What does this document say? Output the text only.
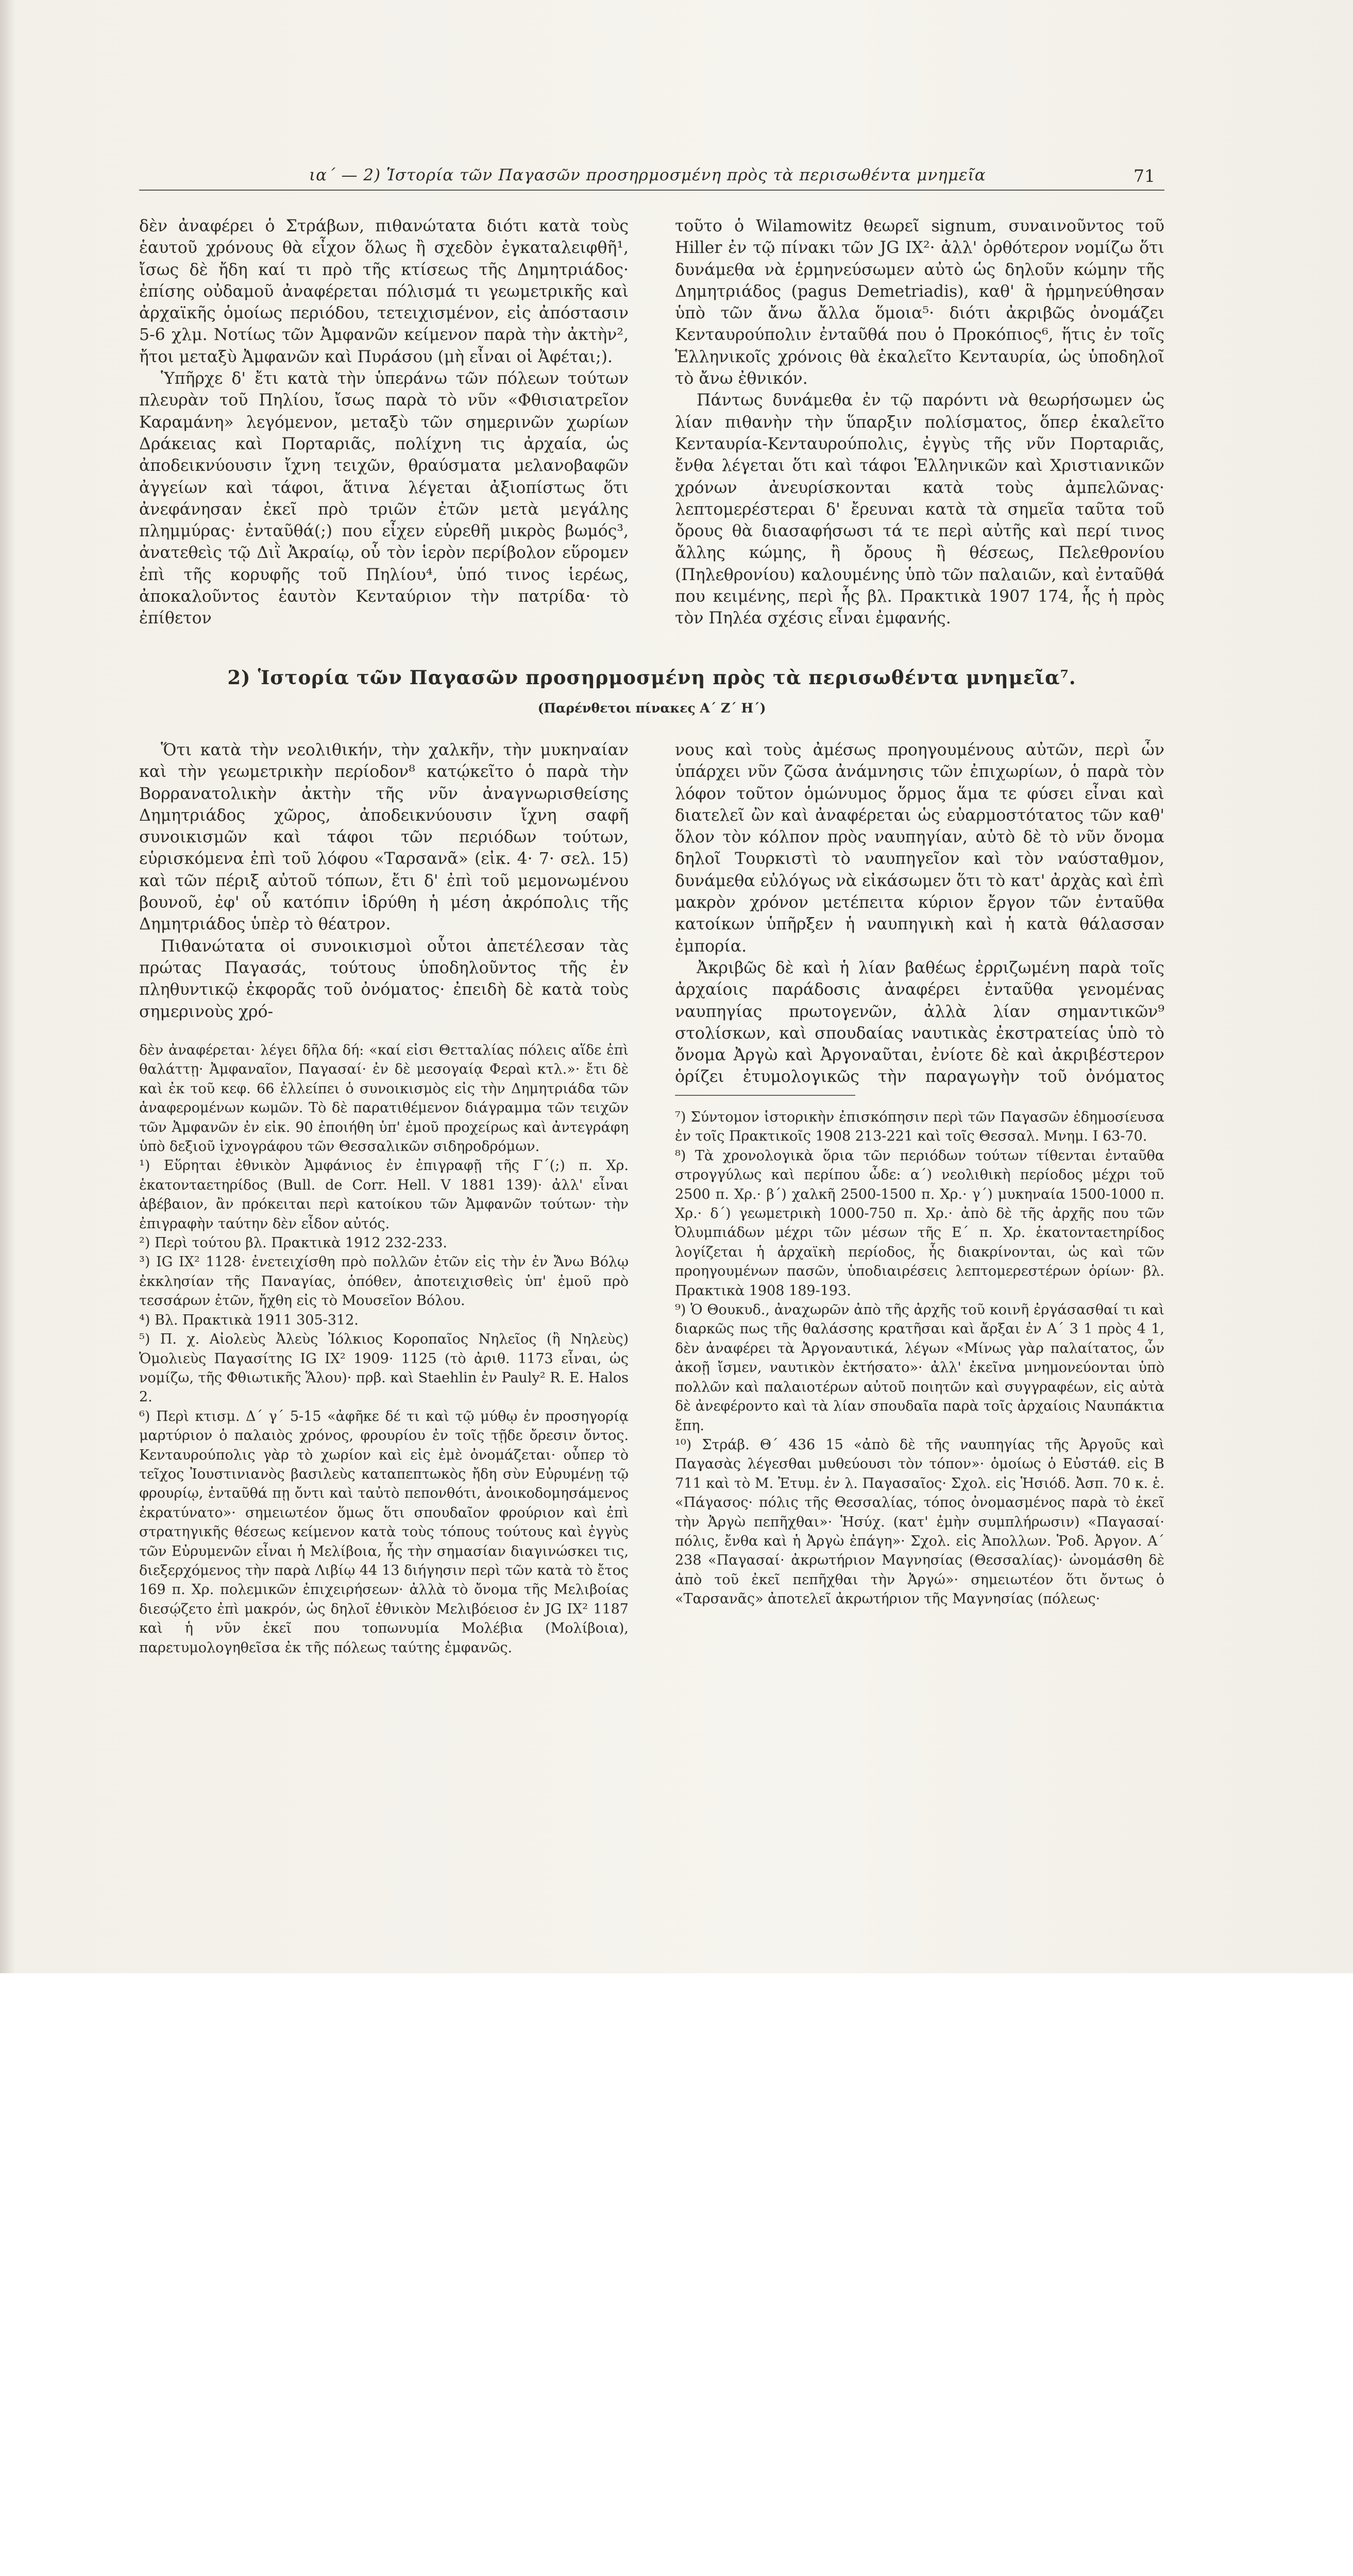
ια΄ — 2) Ἱστορία τῶν Παγασῶν προσηρμοσμένη πρὸς τὰ περισωθέντα μνημεῖα	71

δὲν ἀναφέρει ὁ Στράβων, πιθανώτατα διότι κατὰ τοὺς ἑαυτοῦ χρόνους θὰ εἶχον ὅλως ἢ σχεδὸν ἐγκαταλειφθῆ¹, ἴσως δὲ ἤδη καί τι πρὸ τῆς κτίσεως τῆς Δημητριάδος· ἐπίσης οὐδαμοῦ ἀναφέρεται πόλισμά τι γεωμετρικῆς καὶ ἀρχαϊκῆς ὁμοίως περιόδου, τετειχισμένον, εἰς ἀπόστασιν 5-6 χλμ. Νοτίως τῶν Ἀμφανῶν κείμενον παρὰ τὴν ἀκτὴν², ἤτοι μεταξὺ Ἀμφανῶν καὶ Πυράσου (μὴ εἶναι οἱ Ἀφέται;).

Ὑπῆρχε δ' ἔτι κατὰ τὴν ὑπεράνω τῶν πόλεων τούτων πλευρὰν τοῦ Πηλίου, ἴσως παρὰ τὸ νῦν «Φθισιατρεῖον Καραμάνη» λεγόμενον, μεταξὺ τῶν σημερινῶν χωρίων Δράκειας καὶ Πορταριᾶς, πολίχνη τις ἀρχαία, ὡς ἀποδεικνύουσιν ἴχνη τειχῶν, θραύσματα μελανοβαφῶν ἀγγείων καὶ τάφοι, ἅτινα λέγεται ἀξιοπίστως ὅτι ἀνεφάνησαν ἐκεῖ πρὸ τριῶν ἐτῶν μετὰ μεγάλης πλημμύρας· ἐνταῦθά(;) που εἶχεν εὑρεθῆ μικρὸς βωμός³, ἀνατεθεὶς τῷ Διῒ Ἀκραίῳ, οὗ τὸν ἱερὸν περίβολον εὕρομεν ἐπὶ τῆς κορυφῆς τοῦ Πηλίου⁴, ὑπό τινος ἱερέως, ἀποκαλοῦντος ἑαυτὸν Κενταύριον τὴν πατρίδα· τὸ ἐπίθετον

τοῦτο ὁ Wilamowitz θεωρεῖ signum, συναινοῦντος τοῦ Hiller ἐν τῷ πίνακι τῶν JG IX²· ἀλλ' ὀρθότερον νομίζω ὅτι δυνάμεθα νὰ ἑρμηνεύσωμεν αὐτὸ ὡς δηλοῦν κώμην τῆς Δημητριάδος (pagus Demetriadis), καθ' ἃ ἡρμηνεύθησαν ὑπὸ τῶν ἄνω ἄλλα ὅμοια⁵· διότι ἀκριβῶς ὀνομάζει Κενταυρούπολιν ἐνταῦθά που ὁ Προκόπιος⁶, ἥτις ἐν τοῖς Ἑλληνικοῖς χρόνοις θὰ ἐκαλεῖτο Κενταυρία, ὡς ὑποδηλοῖ τὸ ἄνω ἐθνικόν.

Πάντως δυνάμεθα ἐν τῷ παρόντι νὰ θεωρήσωμεν ὡς λίαν πιθανὴν τὴν ὕπαρξιν πολίσματος, ὅπερ ἐκαλεῖτο Κενταυρία-Κενταυρούπολις, ἐγγὺς τῆς νῦν Πορταριᾶς, ἔνθα λέγεται ὅτι καὶ τάφοι Ἑλληνικῶν καὶ Χριστιανικῶν χρόνων ἀνευρίσκονται κατὰ τοὺς ἀμπελῶνας· λεπτομερέστεραι δ' ἔρευναι κατὰ τὰ σημεῖα ταῦτα τοῦ ὄρους θὰ διασαφήσωσι τά τε περὶ αὐτῆς καὶ περί τινος ἄλλης κώμης, ἢ ὄρους ἢ θέσεως, Πελεθρονίου (Πηλεθρονίου) καλουμένης ὑπὸ τῶν παλαιῶν, καὶ ἐνταῦθά που κειμένης, περὶ ἧς βλ. Πρακτικὰ 1907 174, ἧς ἡ πρὸς τὸν Πηλέα σχέσις εἶναι ἐμφανής.

2) Ἱστορία τῶν Παγασῶν προσηρμοσμένη πρὸς τὰ περισωθέντα μνημεῖα⁷.
(Παρένθετοι πίνακες Α΄ Ζ΄ Η΄)

Ὅτι κατὰ τὴν νεολιθικήν, τὴν χαλκῆν, τὴν μυκηναίαν καὶ τὴν γεωμετρικὴν περίοδον⁸ κατῴκεῖτο ὁ παρὰ τὴν Βορρανατολικὴν ἀκτὴν τῆς νῦν ἀναγνωρισθείσης Δημητριάδος χῶρος, ἀποδεικνύουσιν ἴχνη σαφῆ συνοικισμῶν καὶ τάφοι τῶν περιόδων τούτων, εὑρισκόμενα ἐπὶ τοῦ λόφου «Ταρσανᾶ» (εἰκ. 4· 7· σελ. 15) καὶ τῶν πέριξ αὐτοῦ τόπων, ἔτι δ' ἐπὶ τοῦ μεμονωμένου βουνοῦ, ἐφ' οὗ κατόπιν ἱδρύθη ἡ μέση ἀκρόπολις τῆς Δημητριάδος ὑπὲρ τὸ θέατρον.

Πιθανώτατα οἱ συνοικισμοὶ οὗτοι ἀπετέλεσαν τὰς πρώτας Παγασάς, τούτους ὑποδηλοῦντος τῆς ἐν πληθυντικῷ ἐκφορᾶς τοῦ ὀνόματος· ἐπειδὴ δὲ κατὰ τοὺς σημερινοὺς χρό-

νους καὶ τοὺς ἀμέσως προηγουμένους αὐτῶν, περὶ ὧν ὑπάρχει νῦν ζῶσα ἀνάμνησις τῶν ἐπιχωρίων, ὁ παρὰ τὸν λόφον τοῦτον ὁμώνυμος ὅρμος ἅμα τε φύσει εἶναι καὶ διατελεῖ ὢν καὶ ἀναφέρεται ὡς εὐαρμοστότατος τῶν καθ' ὅλον τὸν κόλπον πρὸς ναυπηγίαν, αὐτὸ δὲ τὸ νῦν ὄνομα δηλοῖ Τουρκιστὶ τὸ ναυπηγεῖον καὶ τὸν ναύσταθμον, δυνάμεθα εὐλόγως νὰ εἰκάσωμεν ὅτι τὸ κατ' ἀρχὰς καὶ ἐπὶ μακρὸν χρόνον μετέπειτα κύριον ἔργον τῶν ἐνταῦθα κατοίκων ὑπῆρξεν ἡ ναυπηγικὴ καὶ ἡ κατὰ θάλασσαν ἐμπορία.

Ἀκριβῶς δὲ καὶ ἡ λίαν βαθέως ἐρριζωμένη παρὰ τοῖς ἀρχαίοις παράδοσις ἀναφέρει ἐνταῦθα γενομένας ναυπηγίας πρωτογενῶν, ἀλλὰ λίαν σημαντικῶν⁹ στολίσκων, καὶ σπουδαίας ναυτικὰς ἐκστρατείας ὑπὸ τὸ ὄνομα Ἀργὼ καὶ Ἀργοναῦται, ἐνίοτε δὲ καὶ ἀκριβέστερον ὁρίζει ἐτυμολογικῶς τὴν παραγωγὴν τοῦ ὀνόματος

δὲν ἀναφέρεται· λέγει δῆλα δή: «καί εἰσι Θετταλίας πόλεις αἵδε ἐπὶ θαλάττῃ· Ἀμφαναῖον, Παγασαί· ἐν δὲ μεσογαίᾳ Φεραὶ κτλ.»· ἔτι δὲ καὶ ἐκ τοῦ κεφ. 66 ἐλλείπει ὁ συνοικισμὸς εἰς τὴν Δημητριάδα τῶν ἀναφερομένων κωμῶν. Τὸ δὲ παρατιθέμενον διάγραμμα τῶν τειχῶν τῶν Ἀμφανῶν ἐν εἰκ. 90 ἐποιήθη ὑπ' ἐμοῦ προχείρως καὶ ἀντεγράφη ὑπὸ δεξιοῦ ἰχνογράφου τῶν Θεσσαλικῶν σιδηροδρόμων.

¹) Εὕρηται ἐθνικὸν Ἀμφάνιος ἐν ἐπιγραφῇ τῆς Γ΄(;) π. Χρ. ἑκατονταετηρίδος (Bull. de Corr. Hell. V 1881 139)· ἀλλ' εἶναι ἀβέβαιον, ἂν πρόκειται περὶ κατοίκου τῶν Ἀμφανῶν τούτων· τὴν ἐπιγραφὴν ταύτην δὲν εἶδον αὐτός.

²) Περὶ τούτου βλ. Πρακτικὰ 1912 232-233.

³) IG IX² 1128· ἐνετειχίσθη πρὸ πολλῶν ἐτῶν εἰς τὴν ἐν Ἄνω Βόλῳ ἐκκλησίαν τῆς Παναγίας, ὁπόθεν, ἀποτειχισθεὶς ὑπ' ἐμοῦ πρὸ τεσσάρων ἐτῶν, ἤχθη εἰς τὸ Μουσεῖον Βόλου.

⁴) Βλ. Πρακτικὰ 1911 305-312.

⁵) Π. χ. Αἰολεὺς Ἀλεὺς Ἰόλκιος Κοροπαῖος Νηλεῖος (ἢ Νηλεὺς) Ὁμολιεὺς Παγασίτης IG IX² 1909· 1125 (τὸ ἀριθ. 1173 εἶναι, ὡς νομίζω, τῆς Φθιωτικῆς Ἅλου)· πρβ. καὶ Staehlin ἐν Pauly² R. E. Halos 2.

⁶) Περὶ κτισμ. Δ΄ γ΄ 5-15 «ἀφῆκε δέ τι καὶ τῷ μύθῳ ἐν προσηγορίᾳ μαρτύριον ὁ παλαιὸς χρόνος, φρουρίου ἐν τοῖς τῇδε ὄρεσιν ὄντος. Κενταυρούπολις γὰρ τὸ χωρίον καὶ εἰς ἐμὲ ὀνομάζεται· οὗπερ τὸ τεῖχος Ἰουστινιανὸς βασιλεὺς καταπεπτωκὸς ἤδη σὺν Εὐρυμένῃ τῷ φρουρίῳ, ἐνταῦθά πῃ ὄντι καὶ ταὐτὸ πεπονθότι, ἀνοικοδομησάμενος ἐκρατύνατο»· σημειωτέον ὅμως ὅτι σπουδαῖον φρούριον καὶ ἐπὶ στρατηγικῆς θέσεως κείμενον κατὰ τοὺς τόπους τούτους καὶ ἐγγὺς τῶν Εὐρυμενῶν εἶναι ἡ Μελίβοια, ἧς τὴν σημασίαν διαγινώσκει τις, διεξερχόμενος τὴν παρὰ Λιβίῳ 44 13 διήγησιν περὶ τῶν κατὰ τὸ ἔτος 169 π. Χρ. πολεμικῶν ἐπιχειρήσεων· ἀλλὰ τὸ ὄνομα τῆς Μελιβοίας διεσῴζετο ἐπὶ μακρόν, ὡς δηλοῖ ἐθνικὸν Μελιβόειοσ ἐν JG IX² 1187 καὶ ἡ νῦν ἐκεῖ που τοπωνυμία Μολέβια (Μολίβοια), παρετυμολογηθεῖσα ἐκ τῆς πόλεως ταύτης ἐμφανῶς.

⁷) Σύντομον ἱστορικὴν ἐπισκόπησιν περὶ τῶν Παγασῶν ἐδημοσίευσα ἐν τοῖς Πρακτικοῖς 1908 213-221 καὶ τοῖς Θεσσαλ. Μνημ. Ι 63-70.

⁸) Τὰ χρονολογικὰ ὅρια τῶν περιόδων τούτων τίθενται ἐνταῦθα στρογγύλως καὶ περίπου ὧδε: α΄) νεολιθικὴ περίοδος μέχρι τοῦ 2500 π. Χρ.· β΄) χαλκῆ 2500-1500 π. Χρ.· γ΄) μυκηναία 1500-1000 π. Χρ.· δ΄) γεωμετρικὴ 1000-750 π. Χρ.· ἀπὸ δὲ τῆς ἀρχῆς που τῶν Ὀλυμπιάδων μέχρι τῶν μέσων τῆς Ε΄ π. Χρ. ἑκατονταετηρίδος λογίζεται ἡ ἀρχαϊκὴ περίοδος, ἧς διακρίνονται, ὡς καὶ τῶν προηγουμένων πασῶν, ὑποδιαιρέσεις λεπτομερεστέρων ὁρίων· βλ. Πρακτικὰ 1908 189-193.

⁹) Ὁ Θουκυδ., ἀναχωρῶν ἀπὸ τῆς ἀρχῆς τοῦ κοινῆ ἐργάσασθαί τι καὶ διαρκῶς πως τῆς θαλάσσης κρατῆσαι καὶ ἄρξαι ἐν Α΄ 3 1 πρὸς 4 1, δὲν ἀναφέρει τὰ Ἀργοναυτικά, λέγων «Μίνως γὰρ παλαίτατος, ὧν ἀκοῇ ἴσμεν, ναυτικὸν ἐκτήσατο»· ἀλλ' ἐκεῖνα μνημονεύονται ὑπὸ πολλῶν καὶ παλαιοτέρων αὐτοῦ ποιητῶν καὶ συγγραφέων, εἰς αὐτὰ δὲ ἀνεφέροντο καὶ τὰ λίαν σπουδαῖα παρὰ τοῖς ἀρχαίοις Ναυπάκτια ἔπη.

¹⁰) Στράβ. Θ΄ 436 15 «ἀπὸ δὲ τῆς ναυπηγίας τῆς Ἀργοῦς καὶ Παγασὰς λέγεσθαι μυθεύουσι τὸν τόπον»· ὁμοίως ὁ Εὐστάθ. εἰς Β 711 καὶ τὸ Μ. Ἐτυμ. ἐν λ. Παγασαῖος· Σχολ. εἰς Ἡσιόδ. Ἀσπ. 70 κ. ἑ. «Πάγασος· πόλις τῆς Θεσσαλίας, τόπος ὀνομασμένος παρὰ τὸ ἐκεῖ τὴν Ἀργὼ πεπῆχθαι»· Ἡσύχ. (κατ' ἐμὴν συμπλήρωσιν) «Παγασαί· πόλις, ἔνθα καὶ ἡ Ἀργὼ ἐπάγη»· Σχολ. εἰς Ἀπολλων. Ῥοδ. Ἀργον. Α΄ 238 «Παγασαί· ἀκρωτήριον Μαγνησίας (Θεσσαλίας)· ὠνομάσθη δὲ ἀπὸ τοῦ ἐκεῖ πεπῆχθαι τὴν Ἀργώ»· σημειωτέον ὅτι ὄντως ὁ «Ταρσανᾶς» ἀποτελεῖ ἀκρωτήριον τῆς Μαγνησίας (πόλεως·
